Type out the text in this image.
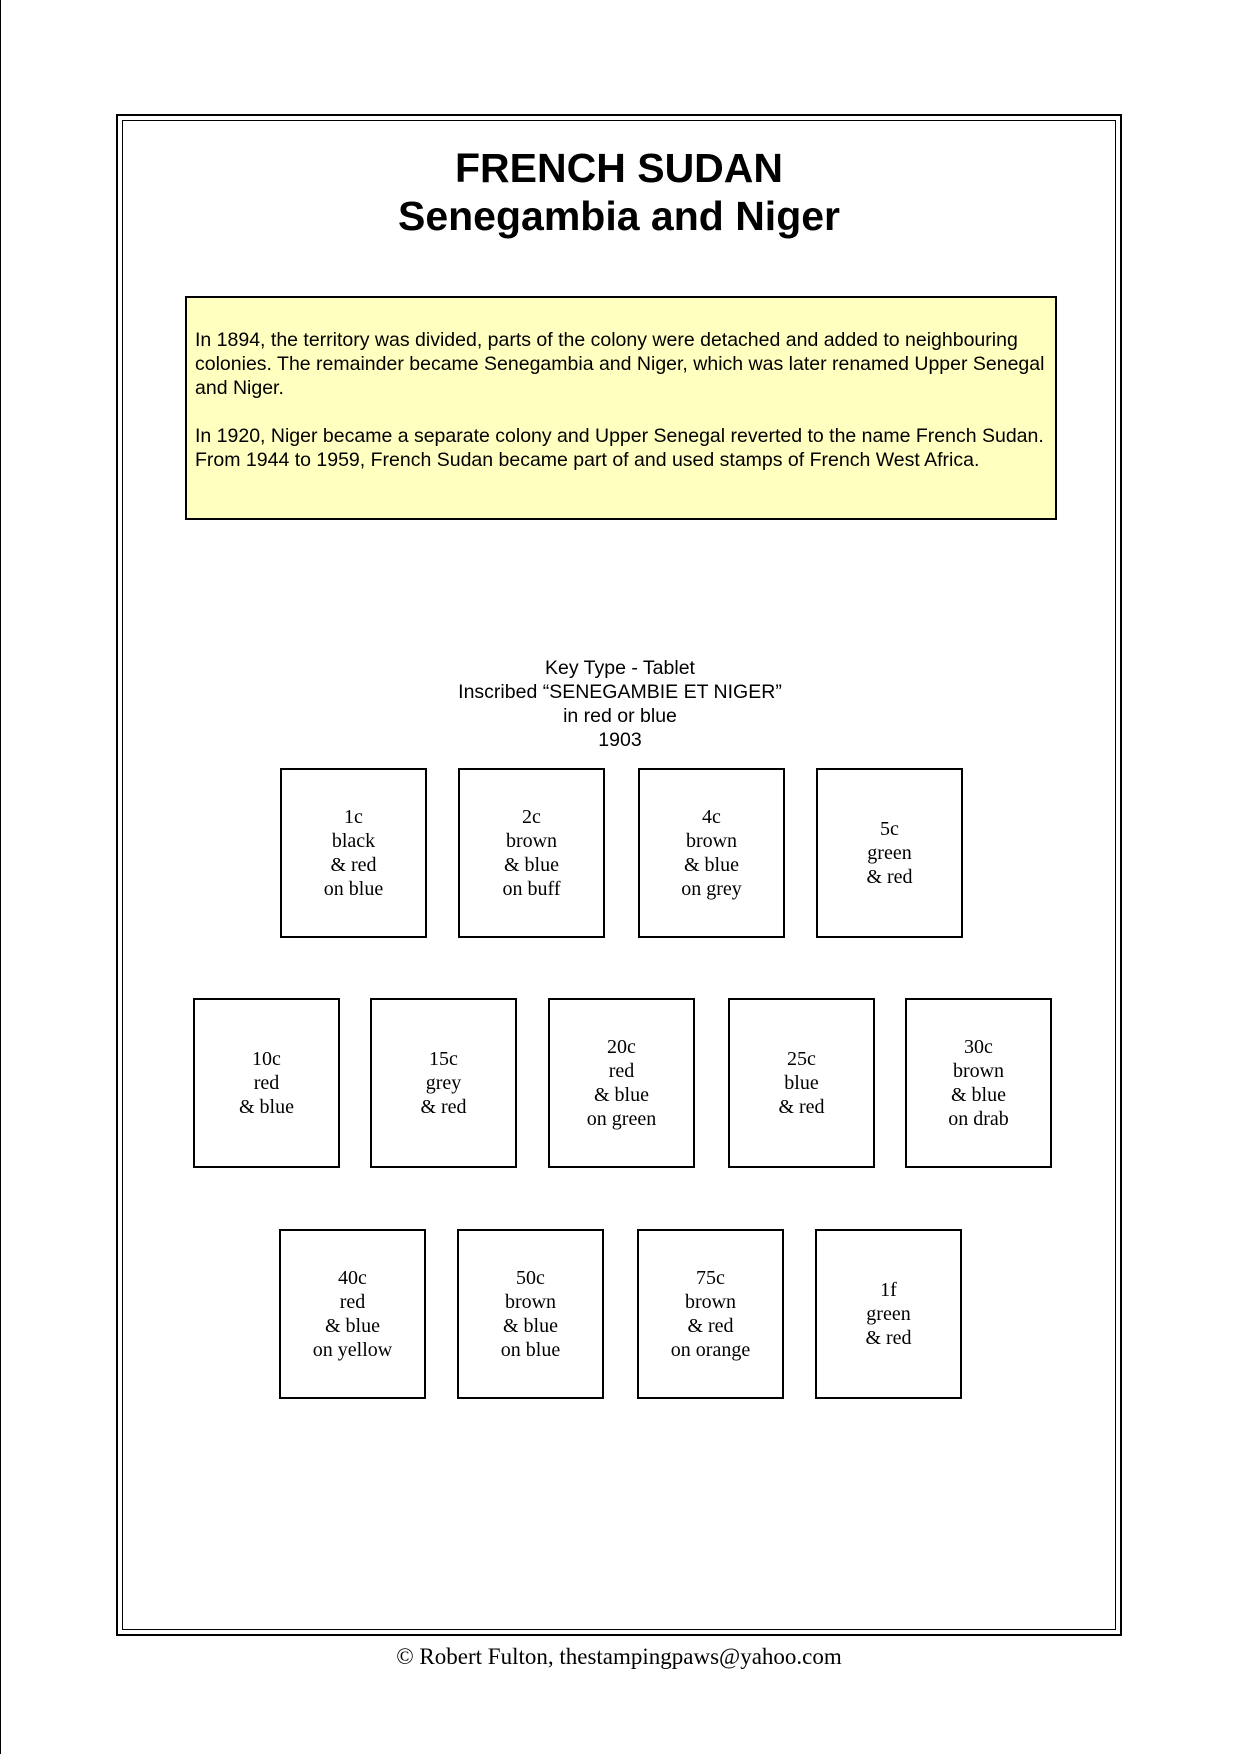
FRENCH SUDAN
Senegambia and Niger

In 1894, the territory was divided, parts of the colony were detached and added to neighbouring colonies. The remainder became Senegambia and Niger, which was later renamed Upper Senegal and Niger.

In 1920, Niger became a separate colony and Upper Senegal reverted to the name French Sudan. From 1944 to 1959, French Sudan became part of and used stamps of French West Africa.

Key Type - Tablet
Inscribed “SENEGAMBIE ET NIGER”
in red or blue
1903
1c
black
& red
on blue
2c
brown
& blue
on buff
4c
brown
& blue
on grey
5c
green
& red
10c
red
& blue
15c
grey
& red
20c
red
& blue
on green
25c
blue
& red
30c
brown
& blue
on drab
40c
red
& blue
on yellow
50c
brown
& blue
on blue
75c
brown
& red
on orange
1f
green
& red
© Robert Fulton, thestampingpaws@yahoo.com
